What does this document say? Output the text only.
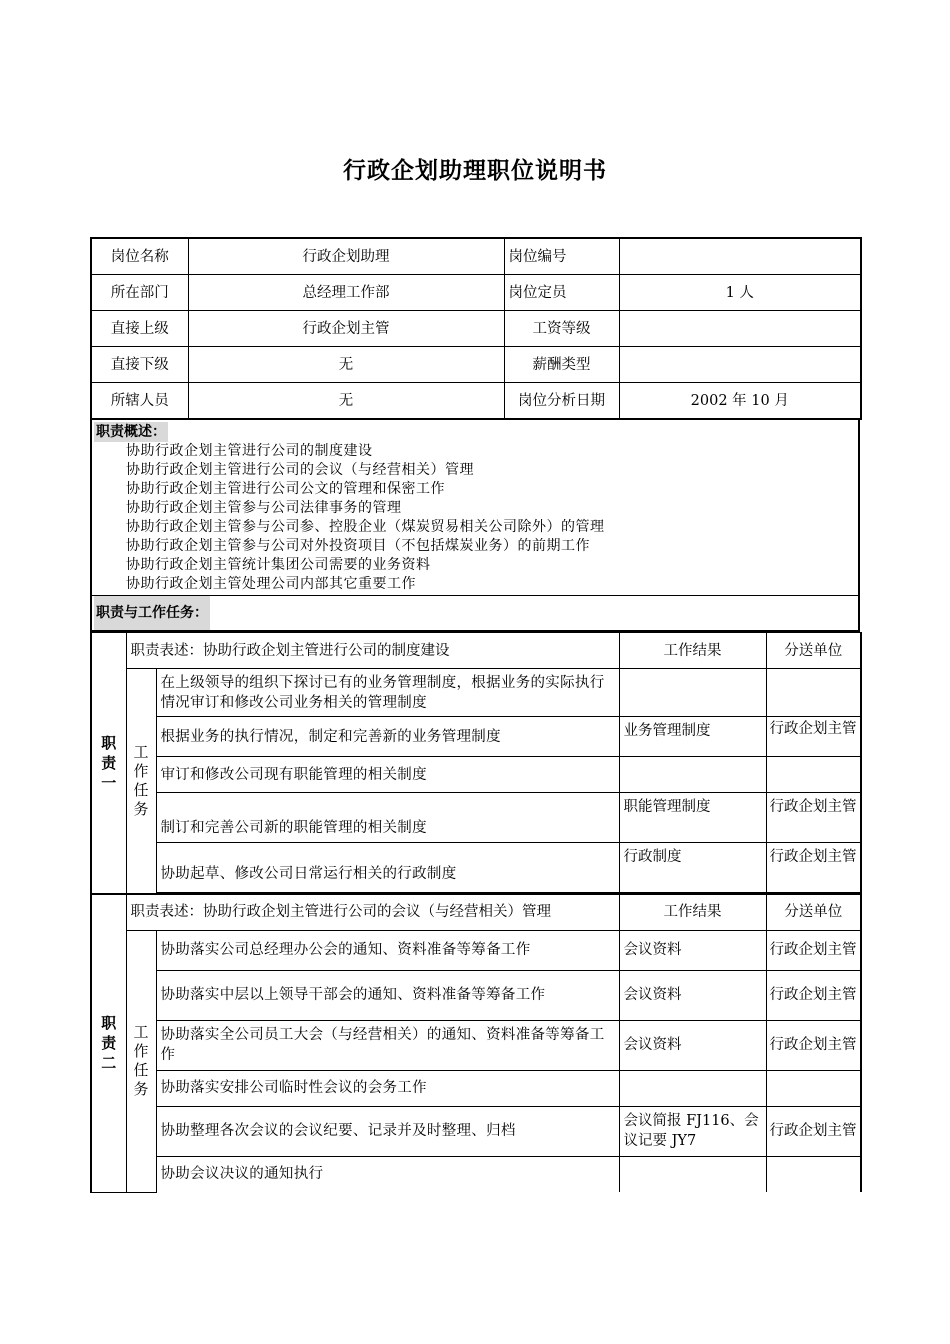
行政企划助理职位说明书
岗位名称	行政企划助理	岗位编号	
所在部门	总经理工作部	岗位定员	1 人
直接上级	行政企划主管	工资等级	
直接下级	无	薪酬类型	
所辖人员	无	岗位分析日期	2002 年 10 月
职责概述：
协助行政企划主管进行公司的制度建设
协助行政企划主管进行公司的会议（与经营相关）管理
协助行政企划主管进行公司公文的管理和保密工作
协助行政企划主管参与公司法律事务的管理
协助行政企划主管参与公司参、控股企业（煤炭贸易相关公司除外）的管理
协助行政企划主管参与公司对外投资项目（不包括煤炭业务）的前期工作
协助行政企划主管统计集团公司需要的业务资料
协助行政企划主管处理公司内部其它重要工作
职责与工作任务：
职责一	职责表述：协助行政企划主管进行公司的制度建设		工作结果	分送单位

	工作任务	在上级领导的组织下探讨已有的业务管理制度，根据业务的实际执行情况审订和修改公司业务相关的管理制度		
		根据业务的执行情况，制定和完善新的业务管理制度	业务管理制度	行政企划主管
		审订和修改公司现有职能管理的相关制度		
		制订和完善公司新的职能管理的相关制度	职能管理制度	行政企划主管
		协助起草、修改公司日常运行相关的行政制度	行政制度	行政企划主管

职责二	职责表述：协助行政企划主管进行公司的会议（与经营相关）管理		工作结果	分送单位

	工作任务	协助落实公司总经理办公会的通知、资料准备等筹备工作	会议资料	行政企划主管
		协助落实中层以上领导干部会的通知、资料准备等筹备工作	会议资料	行政企划主管
		协助落实全公司员工大会（与经营相关）的通知、资料准备等筹备工作	会议资料	行政企划主管
		协助落实安排公司临时性会议的会务工作		
		协助整理各次会议的会议纪要、记录并及时整理、归档	会议简报 FJ116、会议记要 JY7	行政企划主管
		协助会议决议的通知执行		
